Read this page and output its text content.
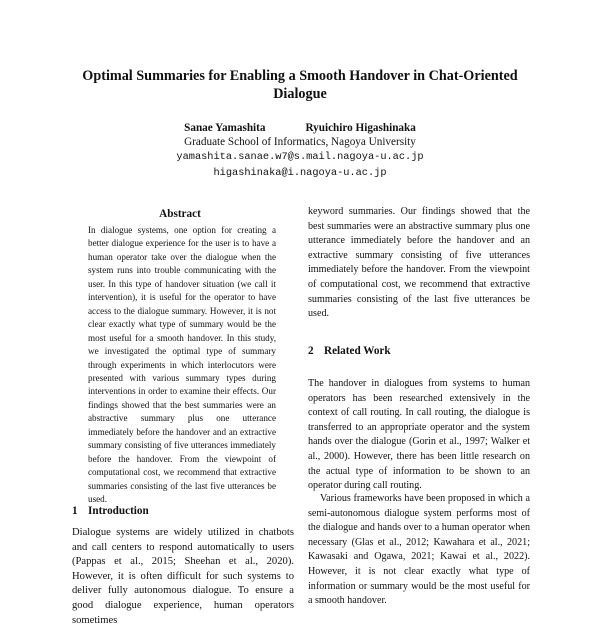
Optimal Summaries for Enabling a Smooth Handover in Chat-Oriented Dialogue
Sanae Yamashita	Ryuichiro Higashinaka
Graduate School of Informatics, Nagoya University
yamashita.sanae.w7@s.mail.nagoya-u.ac.jp
higashinaka@i.nagoya-u.ac.jp
Abstract
In dialogue systems, one option for creating a better dialogue experience for the user is to have a human operator take over the dialogue when the system runs into trouble communicating with the user. In this type of handover situation (we call it intervention), it is useful for the operator to have access to the dialogue summary. However, it is not clear exactly what type of summary would be the most useful for a smooth handover. In this study, we investigated the optimal type of summary through experiments in which interlocutors were presented with various summary types during interventions in order to examine their effects. Our findings showed that the best summaries were an abstractive summary plus one utterance immediately before the handover and an extractive summary consisting of five utterances immediately before the handover. From the viewpoint of computational cost, we recommend that extractive summaries consisting of the last five utterances be used.
1 Introduction
Dialogue systems are widely utilized in chatbots and call centers to respond automatically to users (Pappas et al., 2015; Sheehan et al., 2020). However, it is often difficult for such systems to deliver fully autonomous dialogue. To ensure a good dialogue experience, human operators sometimes
keyword summaries. Our findings showed that the best summaries were an abstractive summary plus one utterance immediately before the handover and an extractive summary consisting of five utterances immediately before the handover. From the viewpoint of computational cost, we recommend that extractive summaries consisting of the last five utterances be used.
2 Related Work
The handover in dialogues from systems to human operators has been researched extensively in the context of call routing. In call routing, the dialogue is transferred to an appropriate operator and the system hands over the dialogue (Gorin et al., 1997; Walker et al., 2000). However, there has been little research on the actual type of information to be shown to an operator during call routing.
Various frameworks have been proposed in which a semi-autonomous dialogue system performs most of the dialogue and hands over to a human operator when necessary (Glas et al., 2012; Kawahara et al., 2021; Kawasaki and Ogawa, 2021; Kawai et al., 2022). However, it is not clear exactly what type of information or summary would be the most useful for a smooth handover.
